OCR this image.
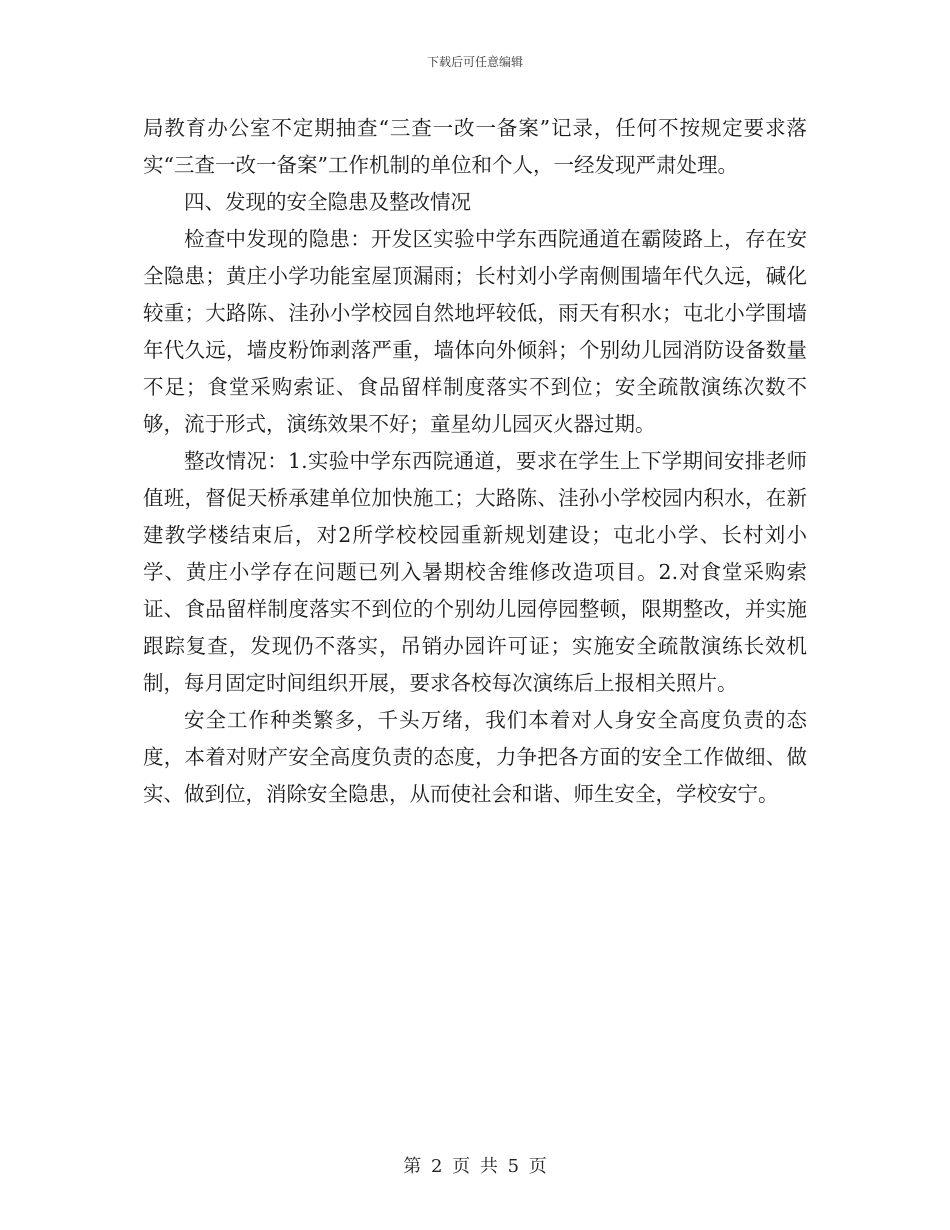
下载后可任意编辑

局教育办公室不定期抽查“三查一改一备案”记录，任何不按规定要求落实“三查一改一备案”工作机制的单位和个人，一经发现严肃处理。

四、发现的安全隐患及整改情况

检查中发现的隐患：开发区实验中学东西院通道在霸陵路上，存在安全隐患；黄庄小学功能室屋顶漏雨；长村刘小学南侧围墙年代久远，碱化较重；大路陈、洼孙小学校园自然地坪较低，雨天有积水；屯北小学围墙年代久远，墙皮粉饰剥落严重，墙体向外倾斜；个别幼儿园消防设备数量不足；食堂采购索证、食品留样制度落实不到位；安全疏散演练次数不够，流于形式，演练效果不好；童星幼儿园灭火器过期。

整改情况：1.实验中学东西院通道，要求在学生上下学期间安排老师值班，督促天桥承建单位加快施工；大路陈、洼孙小学校园内积水，在新建教学楼结束后，对2所学校校园重新规划建设；屯北小学、长村刘小学、黄庄小学存在问题已列入暑期校舍维修改造项目。2.对食堂采购索证、食品留样制度落实不到位的个别幼儿园停园整顿，限期整改，并实施跟踪复查，发现仍不落实，吊销办园许可证；实施安全疏散演练长效机制，每月固定时间组织开展，要求各校每次演练后上报相关照片。

安全工作种类繁多，千头万绪，我们本着对人身安全高度负责的态度，本着对财产安全高度负责的态度，力争把各方面的安全工作做细、做实、做到位，消除安全隐患，从而使社会和谐、师生安全，学校安宁。

第 2 页 共 5 页
